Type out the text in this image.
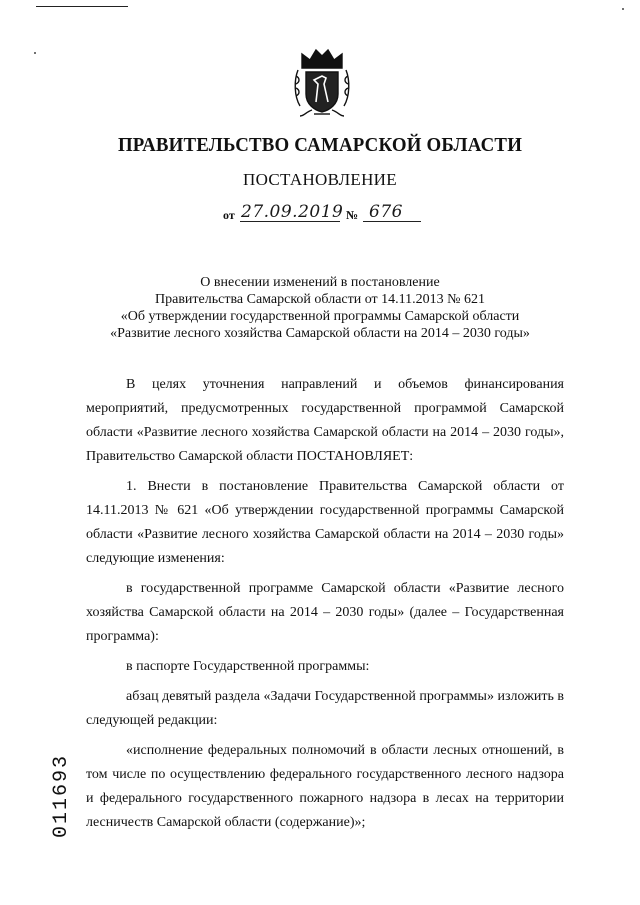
ПРАВИТЕЛЬСТВО САМАРСКОЙ ОБЛАСТИ
ПОСТАНОВЛЕНИЕ
от 27.09.2019 № 676
О внесении изменений в постановление
Правительства Самарской области от 14.11.2013 № 621
«Об утверждении государственной программы Самарской области
«Развитие лесного хозяйства Самарской области на 2014 – 2030 годы»

В целях уточнения направлений и объемов финансирования мероприятий, предусмотренных государственной программой Самарской области «Развитие лесного хозяйства Самарской области на 2014 – 2030 годы», Правительство Самарской области ПОСТАНОВЛЯЕТ:

1. Внести в постановление Правительства Самарской области от 14.11.2013 № 621 «Об утверждении государственной программы Самарской области «Развитие лесного хозяйства Самарской области на 2014 – 2030 годы» следующие изменения:

в государственной программе Самарской области «Развитие лесного хозяйства Самарской области на 2014 – 2030 годы» (далее – Государственная программа):

в паспорте Государственной программы:

абзац девятый раздела «Задачи Государственной программы» изложить в следующей редакции:

«исполнение федеральных полномочий в области лесных отношений, в том числе по осуществлению федерального государственного лесного надзора и федерального государственного пожарного надзора в лесах на территории лесничеств Самарской области (содержание)»;

011693
